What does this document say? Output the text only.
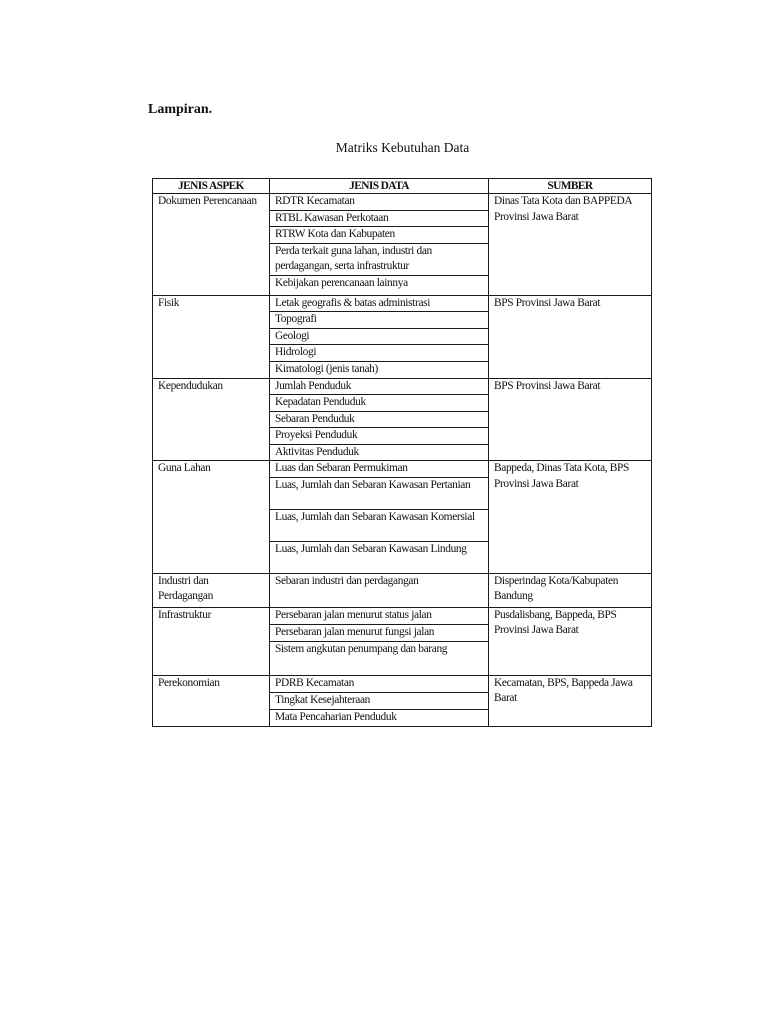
Lampiran.

Matriks Kebutuhan Data

JENIS ASPEK	JENIS DATA	SUMBER
Dokumen Perencanaan	RDTR Kecamatan	Dinas Tata Kota dan BAPPEDA Provinsi Jawa Barat
	RTBL Kawasan Perkotaan	
	RTRW Kota dan Kabupaten	
	Perda terkait guna lahan, industri dan perdagangan, serta infrastruktur	
	Kebijakan perencanaan lainnya	
Fisik	Letak geografis & batas administrasi	BPS Provinsi Jawa Barat
	Topografi	
	Geologi	
	Hidrologi	
	Kimatologi (jenis tanah)	
Kependudukan	Jumlah Penduduk	BPS Provinsi Jawa Barat
	Kepadatan Penduduk	
	Sebaran Penduduk	
	Proyeksi Penduduk	
	Aktivitas Penduduk	
Guna Lahan	Luas dan Sebaran Permukiman	Bappeda, Dinas Tata Kota, BPS Provinsi Jawa Barat
	Luas, Jumlah dan Sebaran Kawasan Pertanian	
	Luas, Jumlah dan Sebaran Kawasan Komersial	
	Luas, Jumlah dan Sebaran Kawasan Lindung	
Industri dan Perdagangan	Sebaran industri dan perdagangan	Disperindag Kota/Kabupaten Bandung
Infrastruktur	Persebaran jalan menurut status jalan	Pusdalisbang, Bappeda, BPS Provinsi Jawa Barat
	Persebaran jalan menurut fungsi jalan	
	Sistem angkutan penumpang dan barang	
Perekonomian	PDRB Kecamatan	Kecamatan, BPS, Bappeda Jawa Barat
	Tingkat Kesejahteraan	
	Mata Pencaharian Penduduk	
